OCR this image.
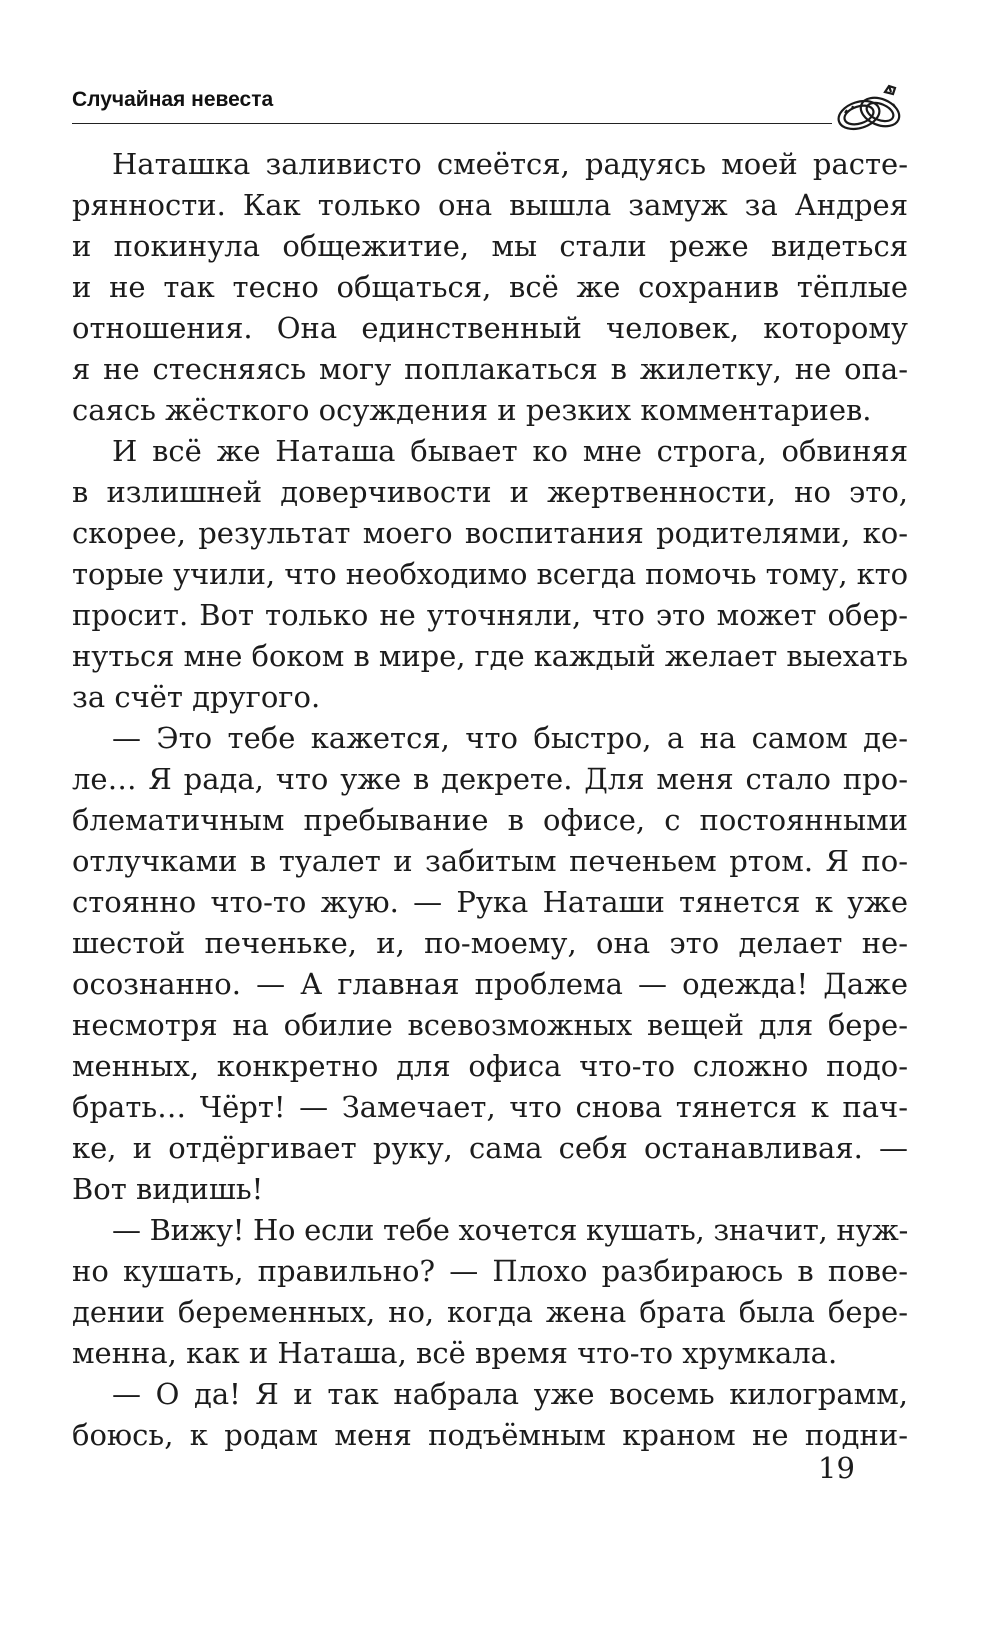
Случайная невеста
Наташка заливисто смеётся, радуясь моей расте-
рянности. Как только она вышла замуж за Андрея
и покинула общежитие, мы стали реже видеться
и не так тесно общаться, всё же сохранив тёплые
отношения. Она единственный человек, которому
я не стесняясь могу поплакаться в жилетку, не опа-
саясь жёсткого осуждения и резких комментариев.
И всё же Наташа бывает ко мне строга, обвиняя
в излишней доверчивости и жертвенности, но это,
скорее, результат моего воспитания родителями, ко-
торые учили, что необходимо всегда помочь тому, кто
просит. Вот только не уточняли, что это может обер-
нуться мне боком в мире, где каждый желает выехать
за счёт другого.
— Это тебе кажется, что быстро, а на самом де-
ле… Я рада, что уже в декрете. Для меня стало про-
блематичным пребывание в офисе, с постоянными
отлучками в туалет и забитым печеньем ртом. Я по-
стоянно что-то жую. — Рука Наташи тянется к уже
шестой печеньке, и, по-моему, она это делает не-
осознанно. — А главная проблема — одежда! Даже
несмотря на обилие всевозможных вещей для бере-
менных, конкретно для офиса что-то сложно подо-
брать… Чёрт! — Замечает, что снова тянется к пач-
ке, и отдёргивает руку, сама себя останавливая. —
Вот видишь!
— Вижу! Но если тебе хочется кушать, значит, нуж-
но кушать, правильно? — Плохо разбираюсь в пове-
дении беременных, но, когда жена брата была бере-
менна, как и Наташа, всё время что-то хрумкала.
— О да! Я и так набрала уже восемь килограмм,
боюсь, к родам меня подъёмным краном не подни-
19
